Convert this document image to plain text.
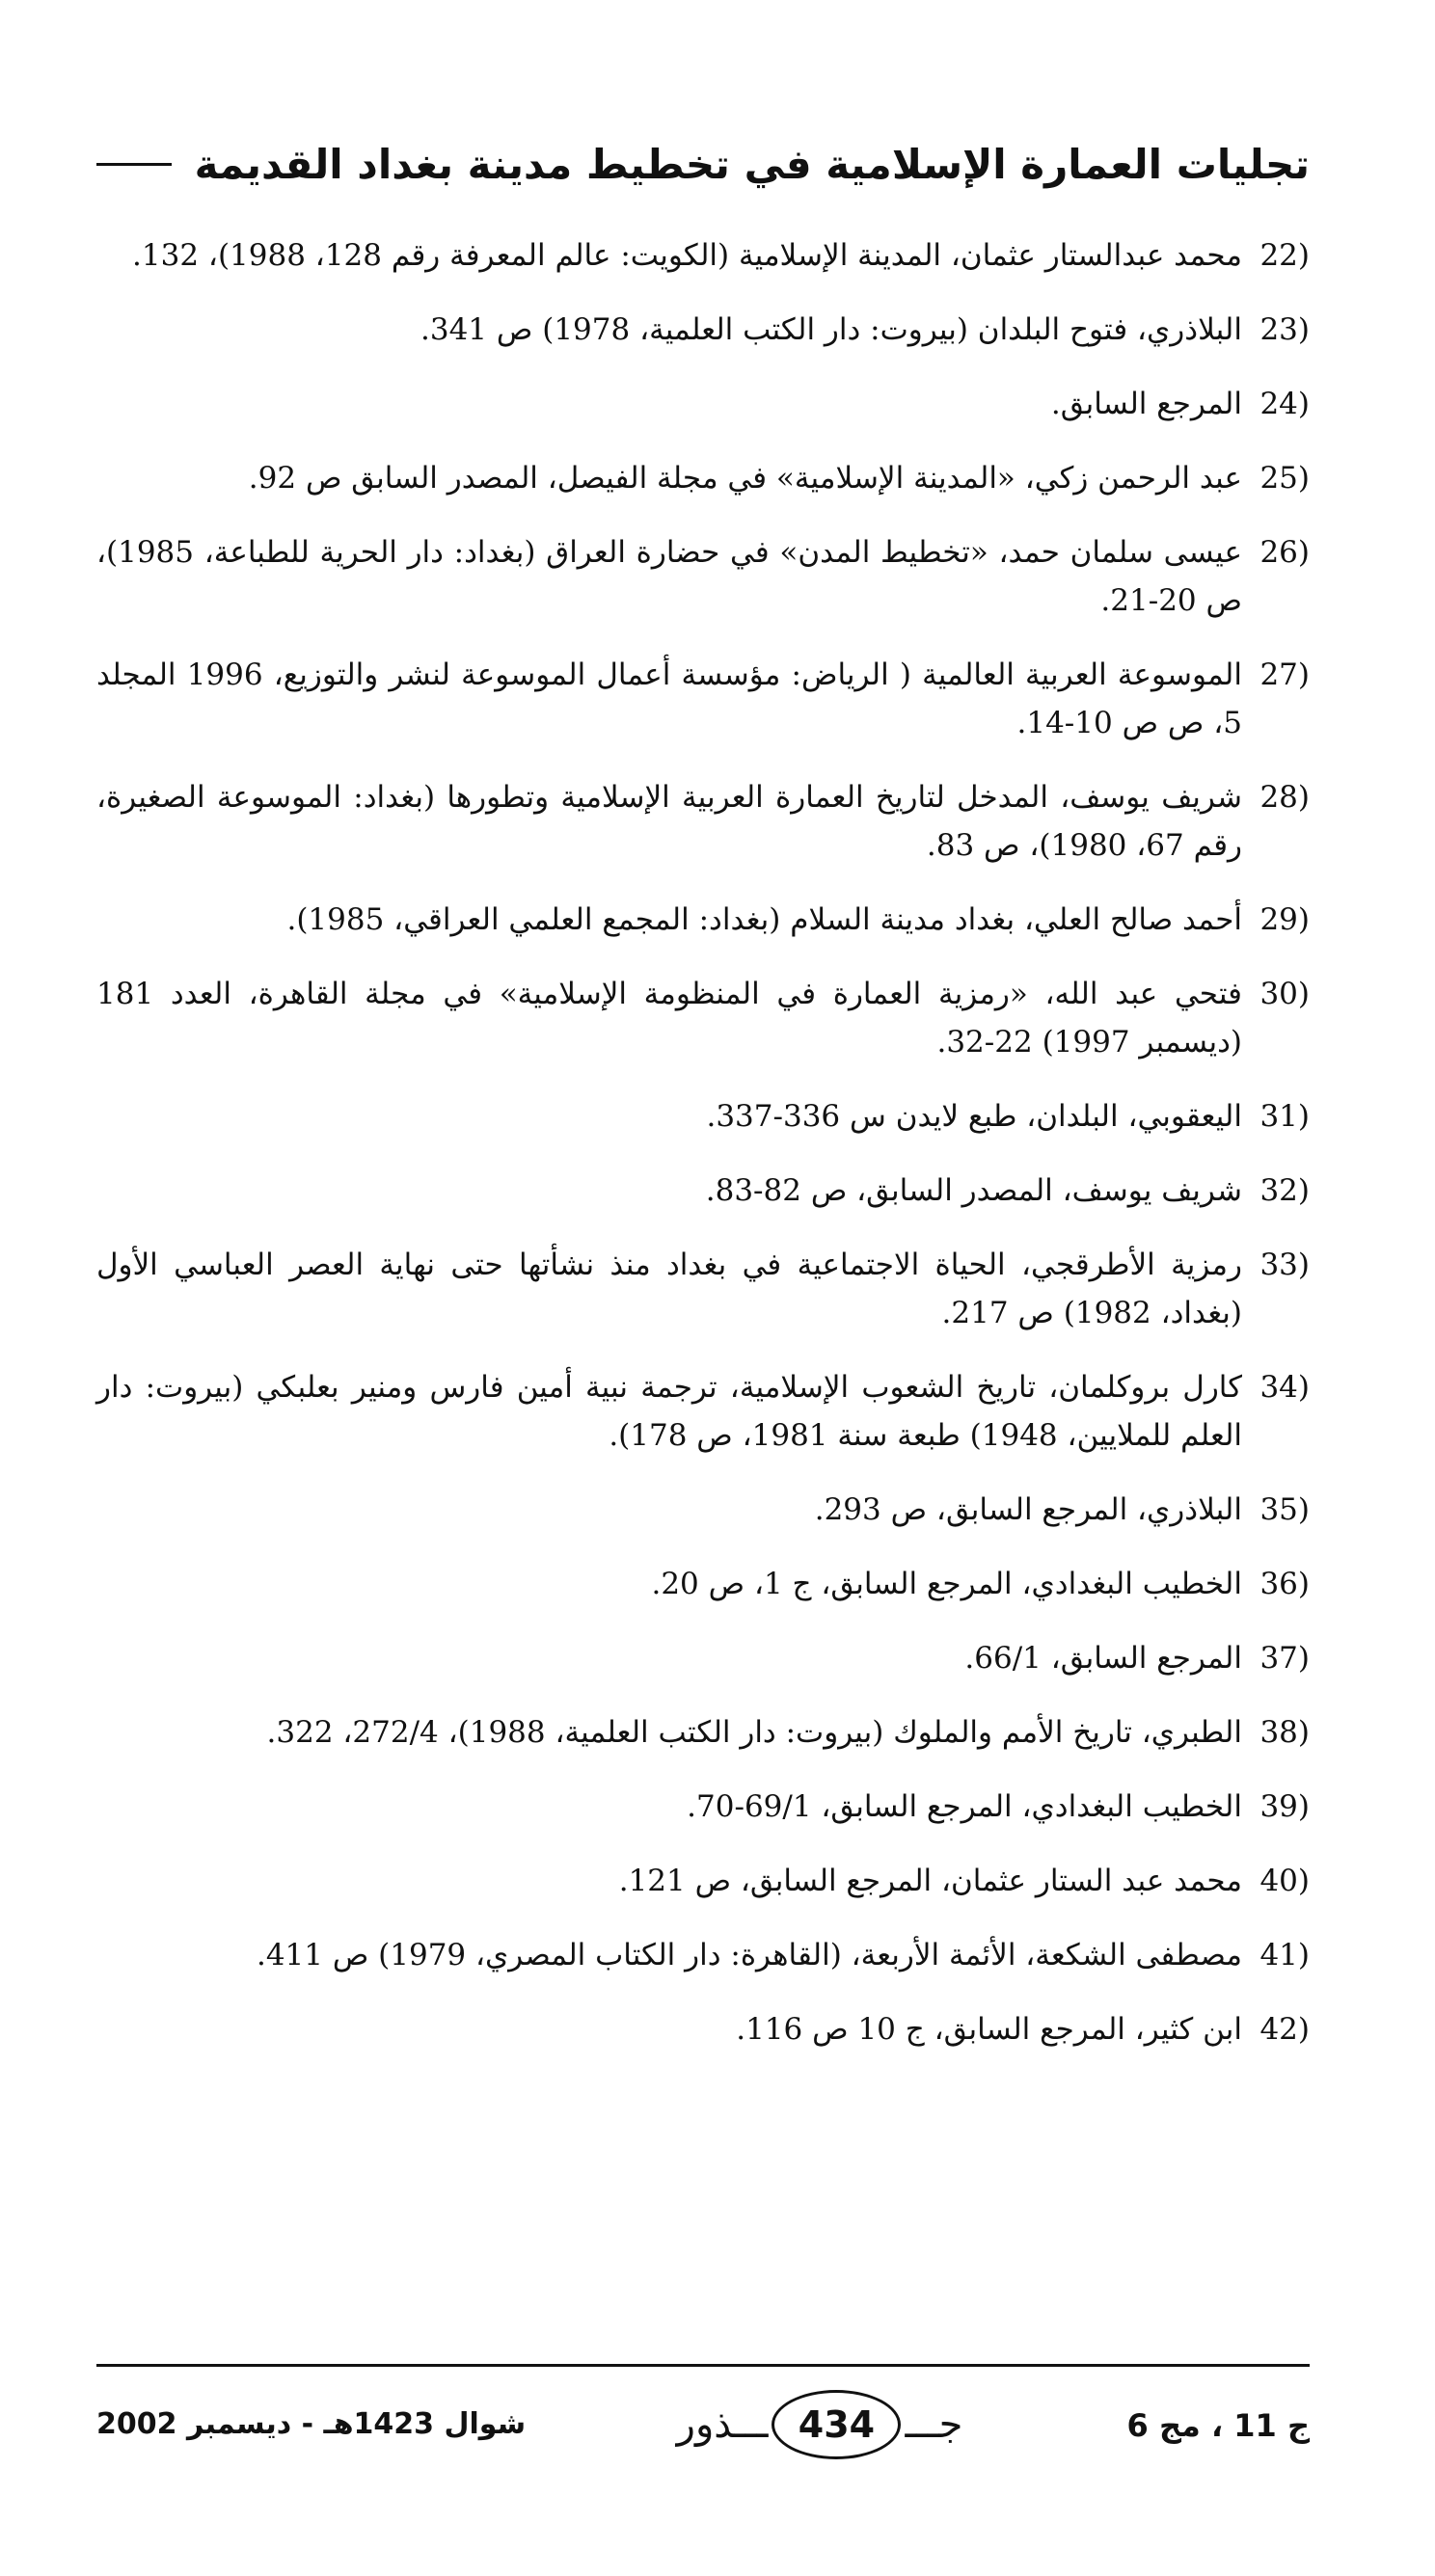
تجليات العمارة الإسلامية في تخطيط مدينة بغداد القديمة
22)
محمد عبدالستار عثمان، المدينة الإسلامية (الكويت: عالم المعرفة رقم 128، 1988)، 132.
23)
البلاذري، فتوح البلدان (بيروت: دار الكتب العلمية، 1978) ص 341.
24)
المرجع السابق.
25)
عبد الرحمن زكي، «المدينة الإسلامية» في مجلة الفيصل، المصدر السابق ص 92.
26)
عيسى سلمان حمد، «تخطيط المدن» في حضارة العراق (بغداد: دار الحرية للطباعة، 1985)، ص 20-21.
27)
الموسوعة العربية العالمية ( الرياض: مؤسسة أعمال الموسوعة لنشر والتوزيع، 1996 المجلد 5، ص ص 10-14.
28)
شريف يوسف، المدخل لتاريخ العمارة العربية الإسلامية وتطورها (بغداد: الموسوعة الصغيرة، رقم 67، 1980)، ص 83.
29)
أحمد صالح العلي، بغداد مدينة السلام (بغداد: المجمع العلمي العراقي، 1985).
30)
فتحي عبد الله، «رمزية العمارة في المنظومة الإسلامية» في مجلة القاهرة، العدد 181 (ديسمبر 1997) 22-32.
31)
اليعقوبي، البلدان، طبع لايدن س 336-337.
32)
شريف يوسف، المصدر السابق، ص 82-83.
33)
رمزية الأطرقجي، الحياة الاجتماعية في بغداد منذ نشأتها حتى نهاية العصر العباسي الأول (بغداد، 1982) ص 217.
34)
كارل بروكلمان، تاريخ الشعوب الإسلامية، ترجمة نبية أمين فارس ومنير بعلبكي (بيروت: دار العلم للملايين، 1948) طبعة سنة 1981، ص 178).
35)
البلاذري، المرجع السابق، ص 293.
36)
الخطيب البغدادي، المرجع السابق، ج 1، ص 20.
37)
المرجع السابق، 66/1.
38)
الطبري، تاريخ الأمم والملوك (بيروت: دار الكتب العلمية، 1988)، 272/4، 322.
39)
الخطيب البغدادي، المرجع السابق، 69/1-70.
40)
محمد عبد الستار عثمان، المرجع السابق، ص 121.
41)
مصطفى الشكعة، الأئمة الأربعة، (القاهرة: دار الكتاب المصري، 1979) ص 411.
42)
ابن كثير، المرجع السابق، ج 10 ص 116.
ج 11 ، مج 6
جـــ
434
ـــذور
شوال 1423هـ - ديسمبر 2002
